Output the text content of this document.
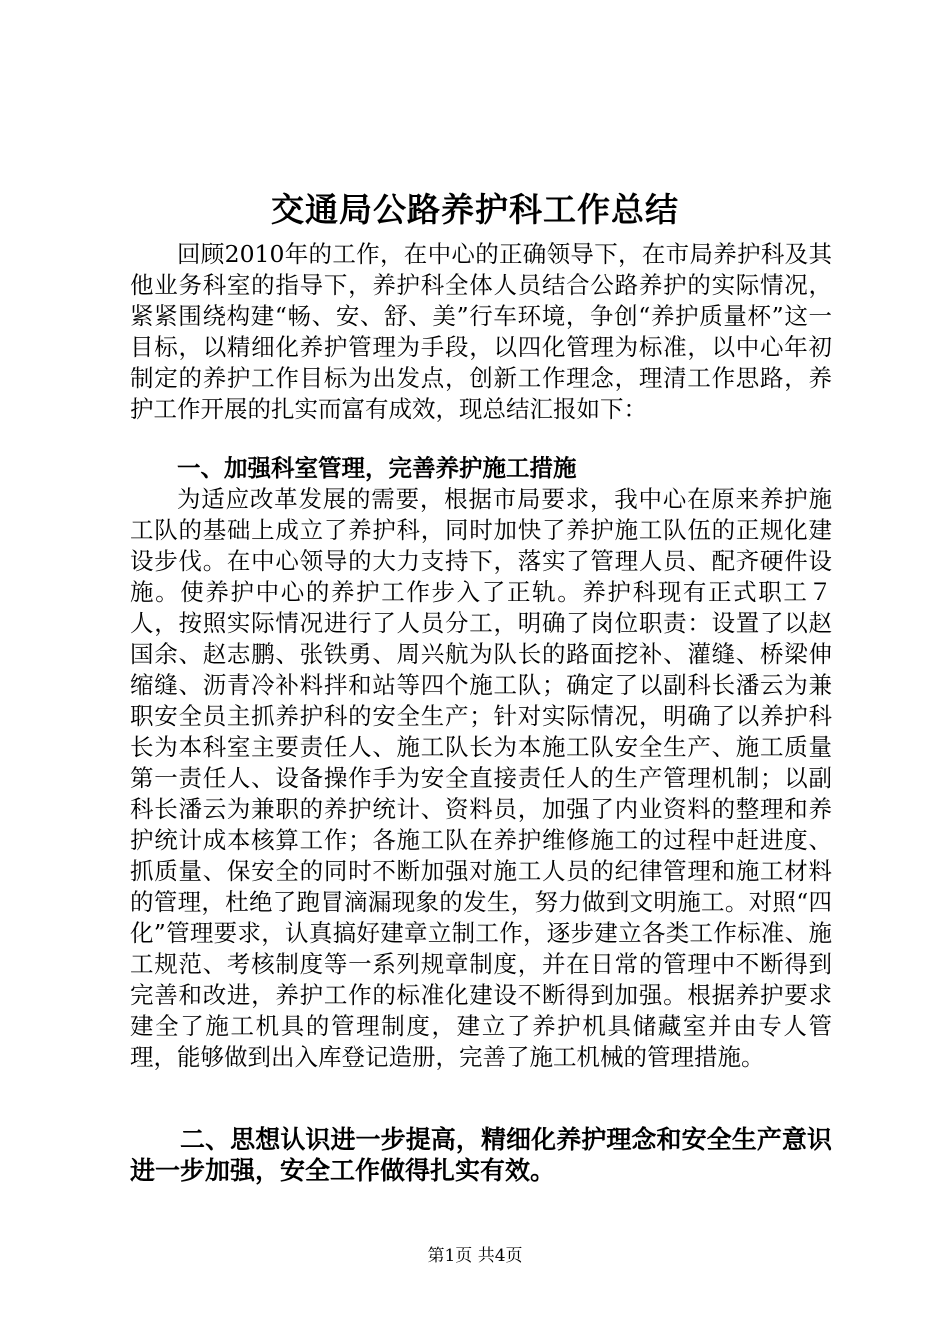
交通局公路养护科工作总结

回顾2010年的工作，在中心的正确领导下，在市局养护科及其他业务科室的指导下，养护科全体人员结合公路养护的实际情况，紧紧围绕构建“畅、安、舒、美”行车环境，争创“养护质量杯”这一目标，以精细化养护管理为手段，以四化管理为标准，以中心年初制定的养护工作目标为出发点，创新工作理念，理清工作思路，养护工作开展的扎实而富有成效，现总结汇报如下：

一、加强科室管理，完善养护施工措施

为适应改革发展的需要，根据市局要求，我中心在原来养护施工队的基础上成立了养护科，同时加快了养护施工队伍的正规化建设步伐。在中心领导的大力支持下，落实了管理人员、配齐硬件设施。使养护中心的养护工作步入了正轨。养护科现有正式职工７人，按照实际情况进行了人员分工，明确了岗位职责：设置了以赵国余、赵志鹏、张铁勇、周兴航为队长的路面挖补、灌缝、桥梁伸缩缝、沥青冷补料拌和站等四个施工队；确定了以副科长潘云为兼职安全员主抓养护科的安全生产；针对实际情况，明确了以养护科长为本科室主要责任人、施工队长为本施工队安全生产、施工质量第一责任人、设备操作手为安全直接责任人的生产管理机制；以副科长潘云为兼职的养护统计、资料员，加强了内业资料的整理和养护统计成本核算工作；各施工队在养护维修施工的过程中赶进度、抓质量、保安全的同时不断加强对施工人员的纪律管理和施工材料的管理，杜绝了跑冒滴漏现象的发生，努力做到文明施工。对照“四化”管理要求，认真搞好建章立制工作，逐步建立各类工作标准、施工规范、考核制度等一系列规章制度，并在日常的管理中不断得到完善和改进，养护工作的标准化建设不断得到加强。根据养护要求建全了施工机具的管理制度，建立了养护机具储藏室并由专人管理，能够做到出入库登记造册，完善了施工机械的管理措施。

二、思想认识进一步提高，精细化养护理念和安全生产意识进一步加强，安全工作做得扎实有效。

第1页 共4页
